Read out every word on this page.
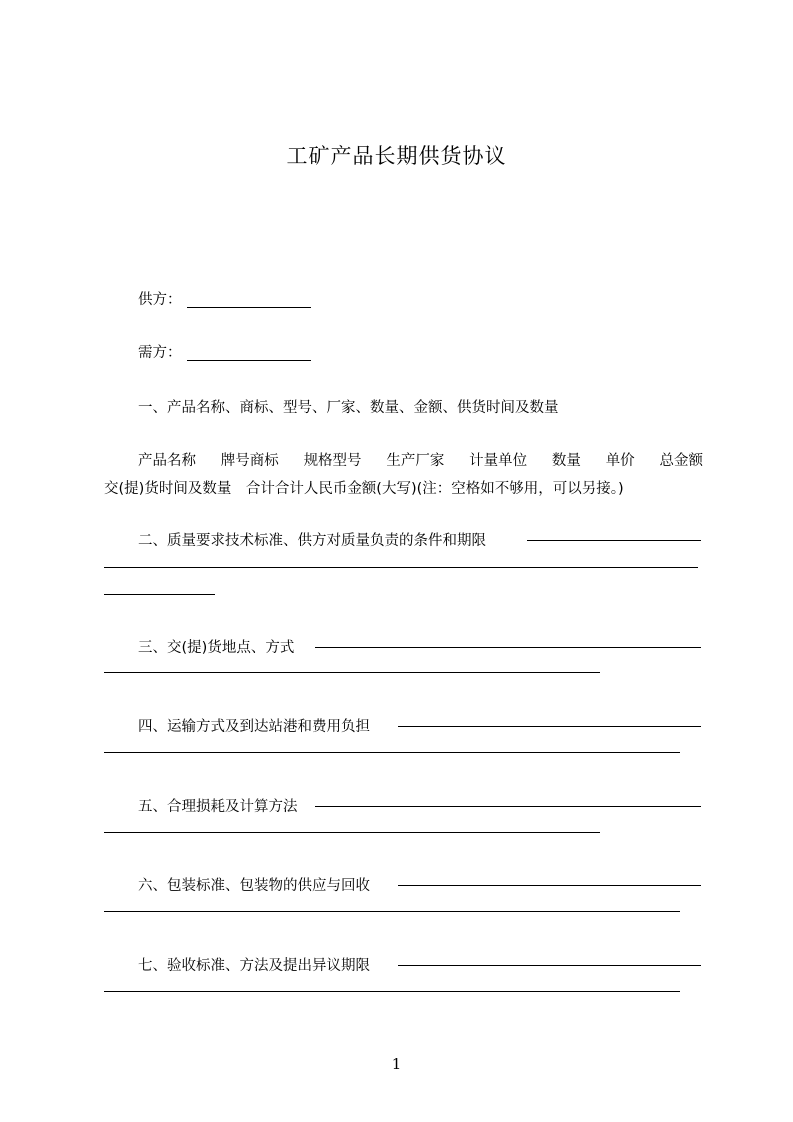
工矿产品长期供货协议
供方：
需方：
一、产品名称、商标、型号、厂家、数量、金额、供货时间及数量
产品名称 牌号商标 规格型号 生产厂家 计量单位 数量 单价 总金额
交(提)货时间及数量　合计合计人民币金额(大写)(注：空格如不够用，可以另接。)
二、质量要求技术标准、供方对质量负责的条件和期限
三、交(提)货地点、方式
四、运输方式及到达站港和费用负担
五、合理损耗及计算方法
六、包装标准、包装物的供应与回收
七、验收标准、方法及提出异议期限
1
